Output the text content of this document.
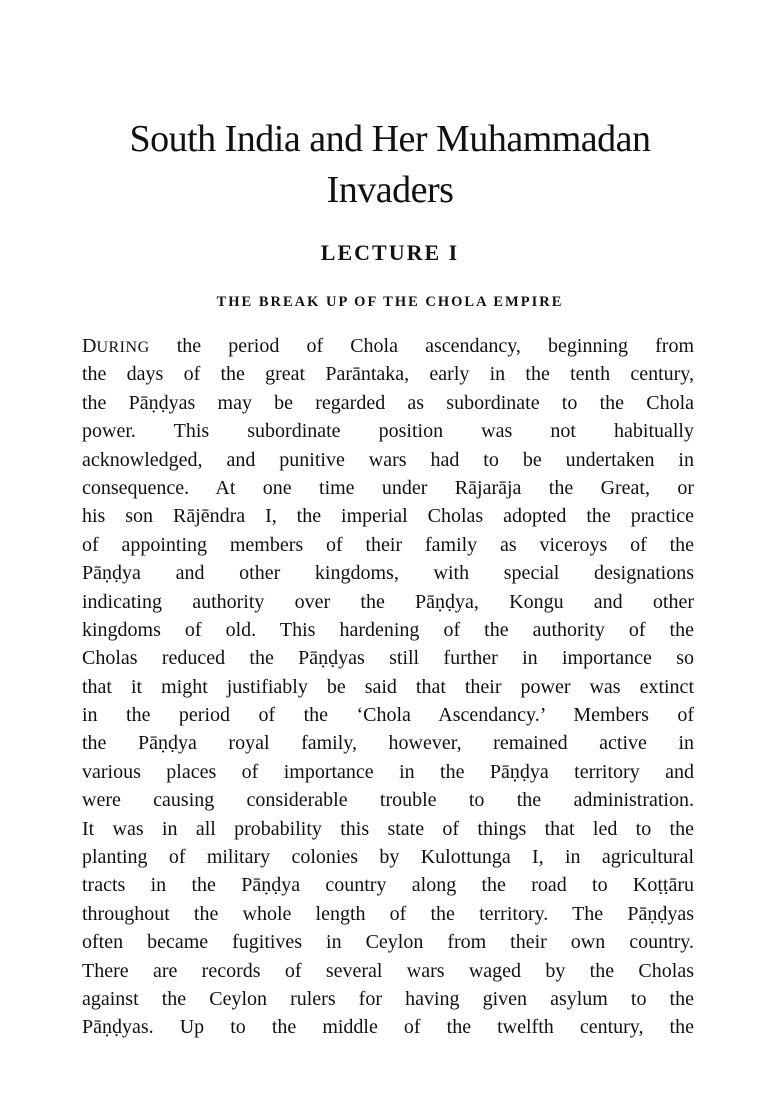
South India and Her Muhammadan
Invaders
LECTURE I
THE BREAK UP OF THE CHOLA EMPIRE
DURING the period of Chola ascendancy, beginning from
the days of the great Parāntaka, early in the tenth century,
the Pāṇḍyas may be regarded as subordinate to the Chola
power. This subordinate position was not habitually
acknowledged, and punitive wars had to be undertaken in
consequence. At one time under Rājarāja the Great, or
his son Rājēndra I, the imperial Cholas adopted the practice
of appointing members of their family as viceroys of the
Pāṇḍya and other kingdoms, with special designations
indicating authority over the Pāṇḍya, Kongu and other
kingdoms of old. This hardening of the authority of the
Cholas reduced the Pāṇḍyas still further in importance so
that it might justifiably be said that their power was extinct
in the period of the ‘Chola Ascendancy.’ Members of
the Pāṇḍya royal family, however, remained active in
various places of importance in the Pāṇḍya territory and
were causing considerable trouble to the administration.
It was in all probability this state of things that led to the
planting of military colonies by Kulottunga I, in agricultural
tracts in the Pāṇḍya country along the road to Koṭṭāru
throughout the whole length of the territory. The Pāṇḍyas
often became fugitives in Ceylon from their own country.
There are records of several wars waged by the Cholas
against the Ceylon rulers for having given asylum to the
Pāṇḍyas. Up to the middle of the twelfth century, the
